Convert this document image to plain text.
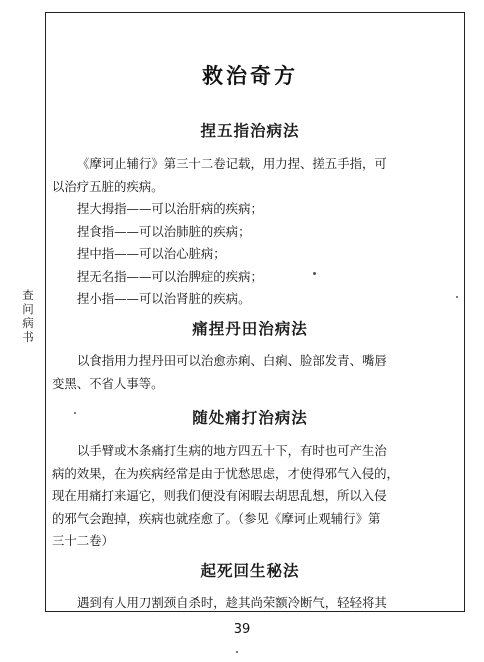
查问病书
救治奇方
捏五指治病法
《摩诃止辅行》第三十二卷记载，用力捏、搓五手指，可
以治疗五脏的疾病。
捏大拇指——可以治肝病的疾病；
捏食指——可以治肺脏的疾病；
捏中指——可以治心脏病；
捏无名指——可以治脾症的疾病；
捏小指——可以治肾脏的疾病。
痛捏丹田治病法
以食指用力捏丹田可以治愈赤痢、白痢、脸部发青、嘴唇
变黑、不省人事等。
随处痛打治病法
以手臂或木条痛打生病的地方四五十下，有时也可产生治
病的效果，在为疾病经常是由于忧愁思虑，才使得邪气入侵的，
现在用痛打来逼它，则我们便没有闲暇去胡思乱想，所以入侵
的邪气会跑掉，疾病也就痊愈了。（参见《摩诃止观辅行》第
三十二卷）
起死回生秘法
遇到有人用刀割颈自杀时，趁其尚荣额冷断气，轻轻将其
39
